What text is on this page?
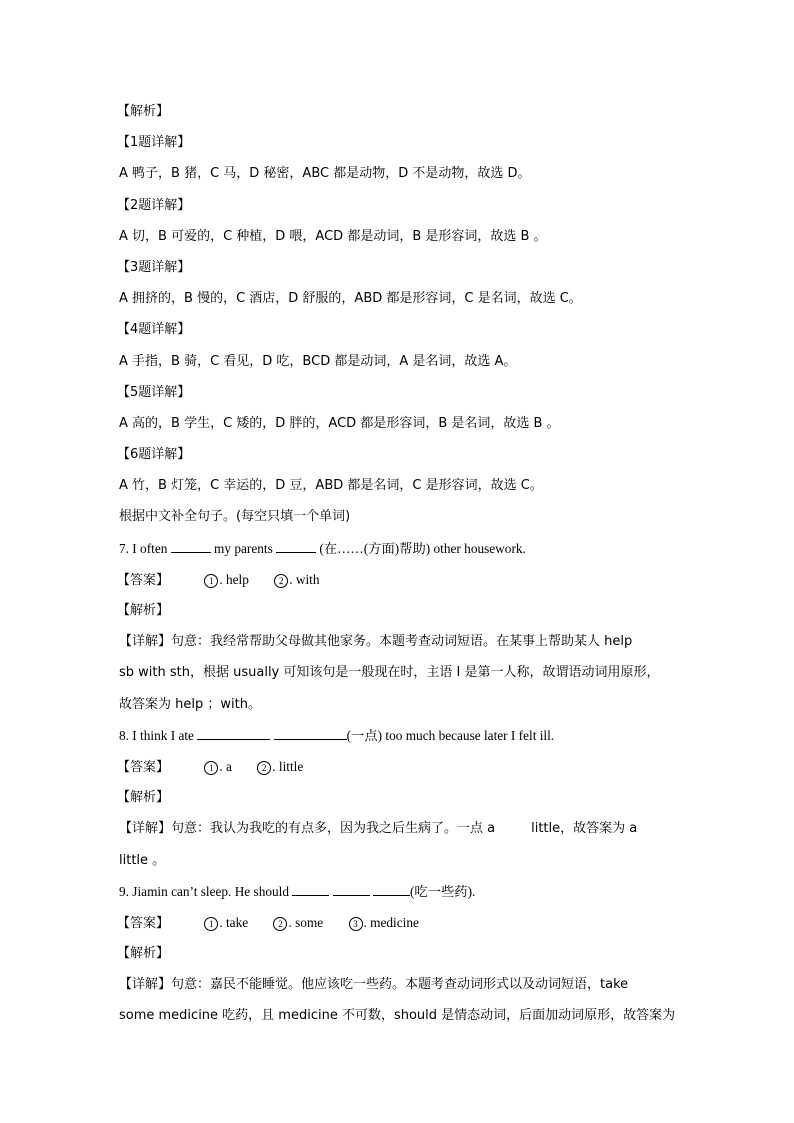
【解析】
【1题详解】
A 鸭子，B 猪，C 马，D 秘密，ABC 都是动物，D 不是动物，故选 D。
【2题详解】
A 切，B 可爱的，C 种植，D 喂，ACD 都是动词，B 是形容词，故选 B 。
【3题详解】
A 拥挤的，B 慢的，C 酒店，D 舒服的，ABD 都是形容词，C 是名词，故选 C。
【4题详解】
A 手指，B 骑，C 看见，D 吃，BCD 都是动词，A 是名词，故选 A。
【5题详解】
A 高的，B 学生，C 矮的，D 胖的，ACD 都是形容词，B 是名词，故选 B 。
【6题详解】
A 竹，B 灯笼，C 幸运的，D 豆，ABD 都是名词，C 是形容词，故选 C。
根据中文补全句子。(每空只填一个单词)
7. I often	my parents	(在……(方面)帮助) other housework.
【答案】	1 . help	2 . with
【解析】
【详解】句意：我经常帮助父母做其他家务。本题考查动词短语。在某事上帮助某人 help
sb with sth，根据 usually 可知该句是一般现在时，主语 I 是第一人称，故谓语动词用原形，
故答案为 help ；with。
8. I think I ate	(一点) too much because later I felt ill.
【答案】	1 . a	2 . little
【解析】
【详解】句意：我认为我吃的有点多，因为我之后生病了。一点 a	little，故答案为 a
little 。
9. Jiamin can’t sleep. He should	(吃一些药).
【答案】	1 . take	2 . some	3 . medicine
【解析】
【详解】句意：嘉民不能睡觉。他应该吃一些药。本题考查动词形式以及动词短语，take
some medicine 吃药，且 medicine 不可数，should 是情态动词，后面加动词原形，故答案为
